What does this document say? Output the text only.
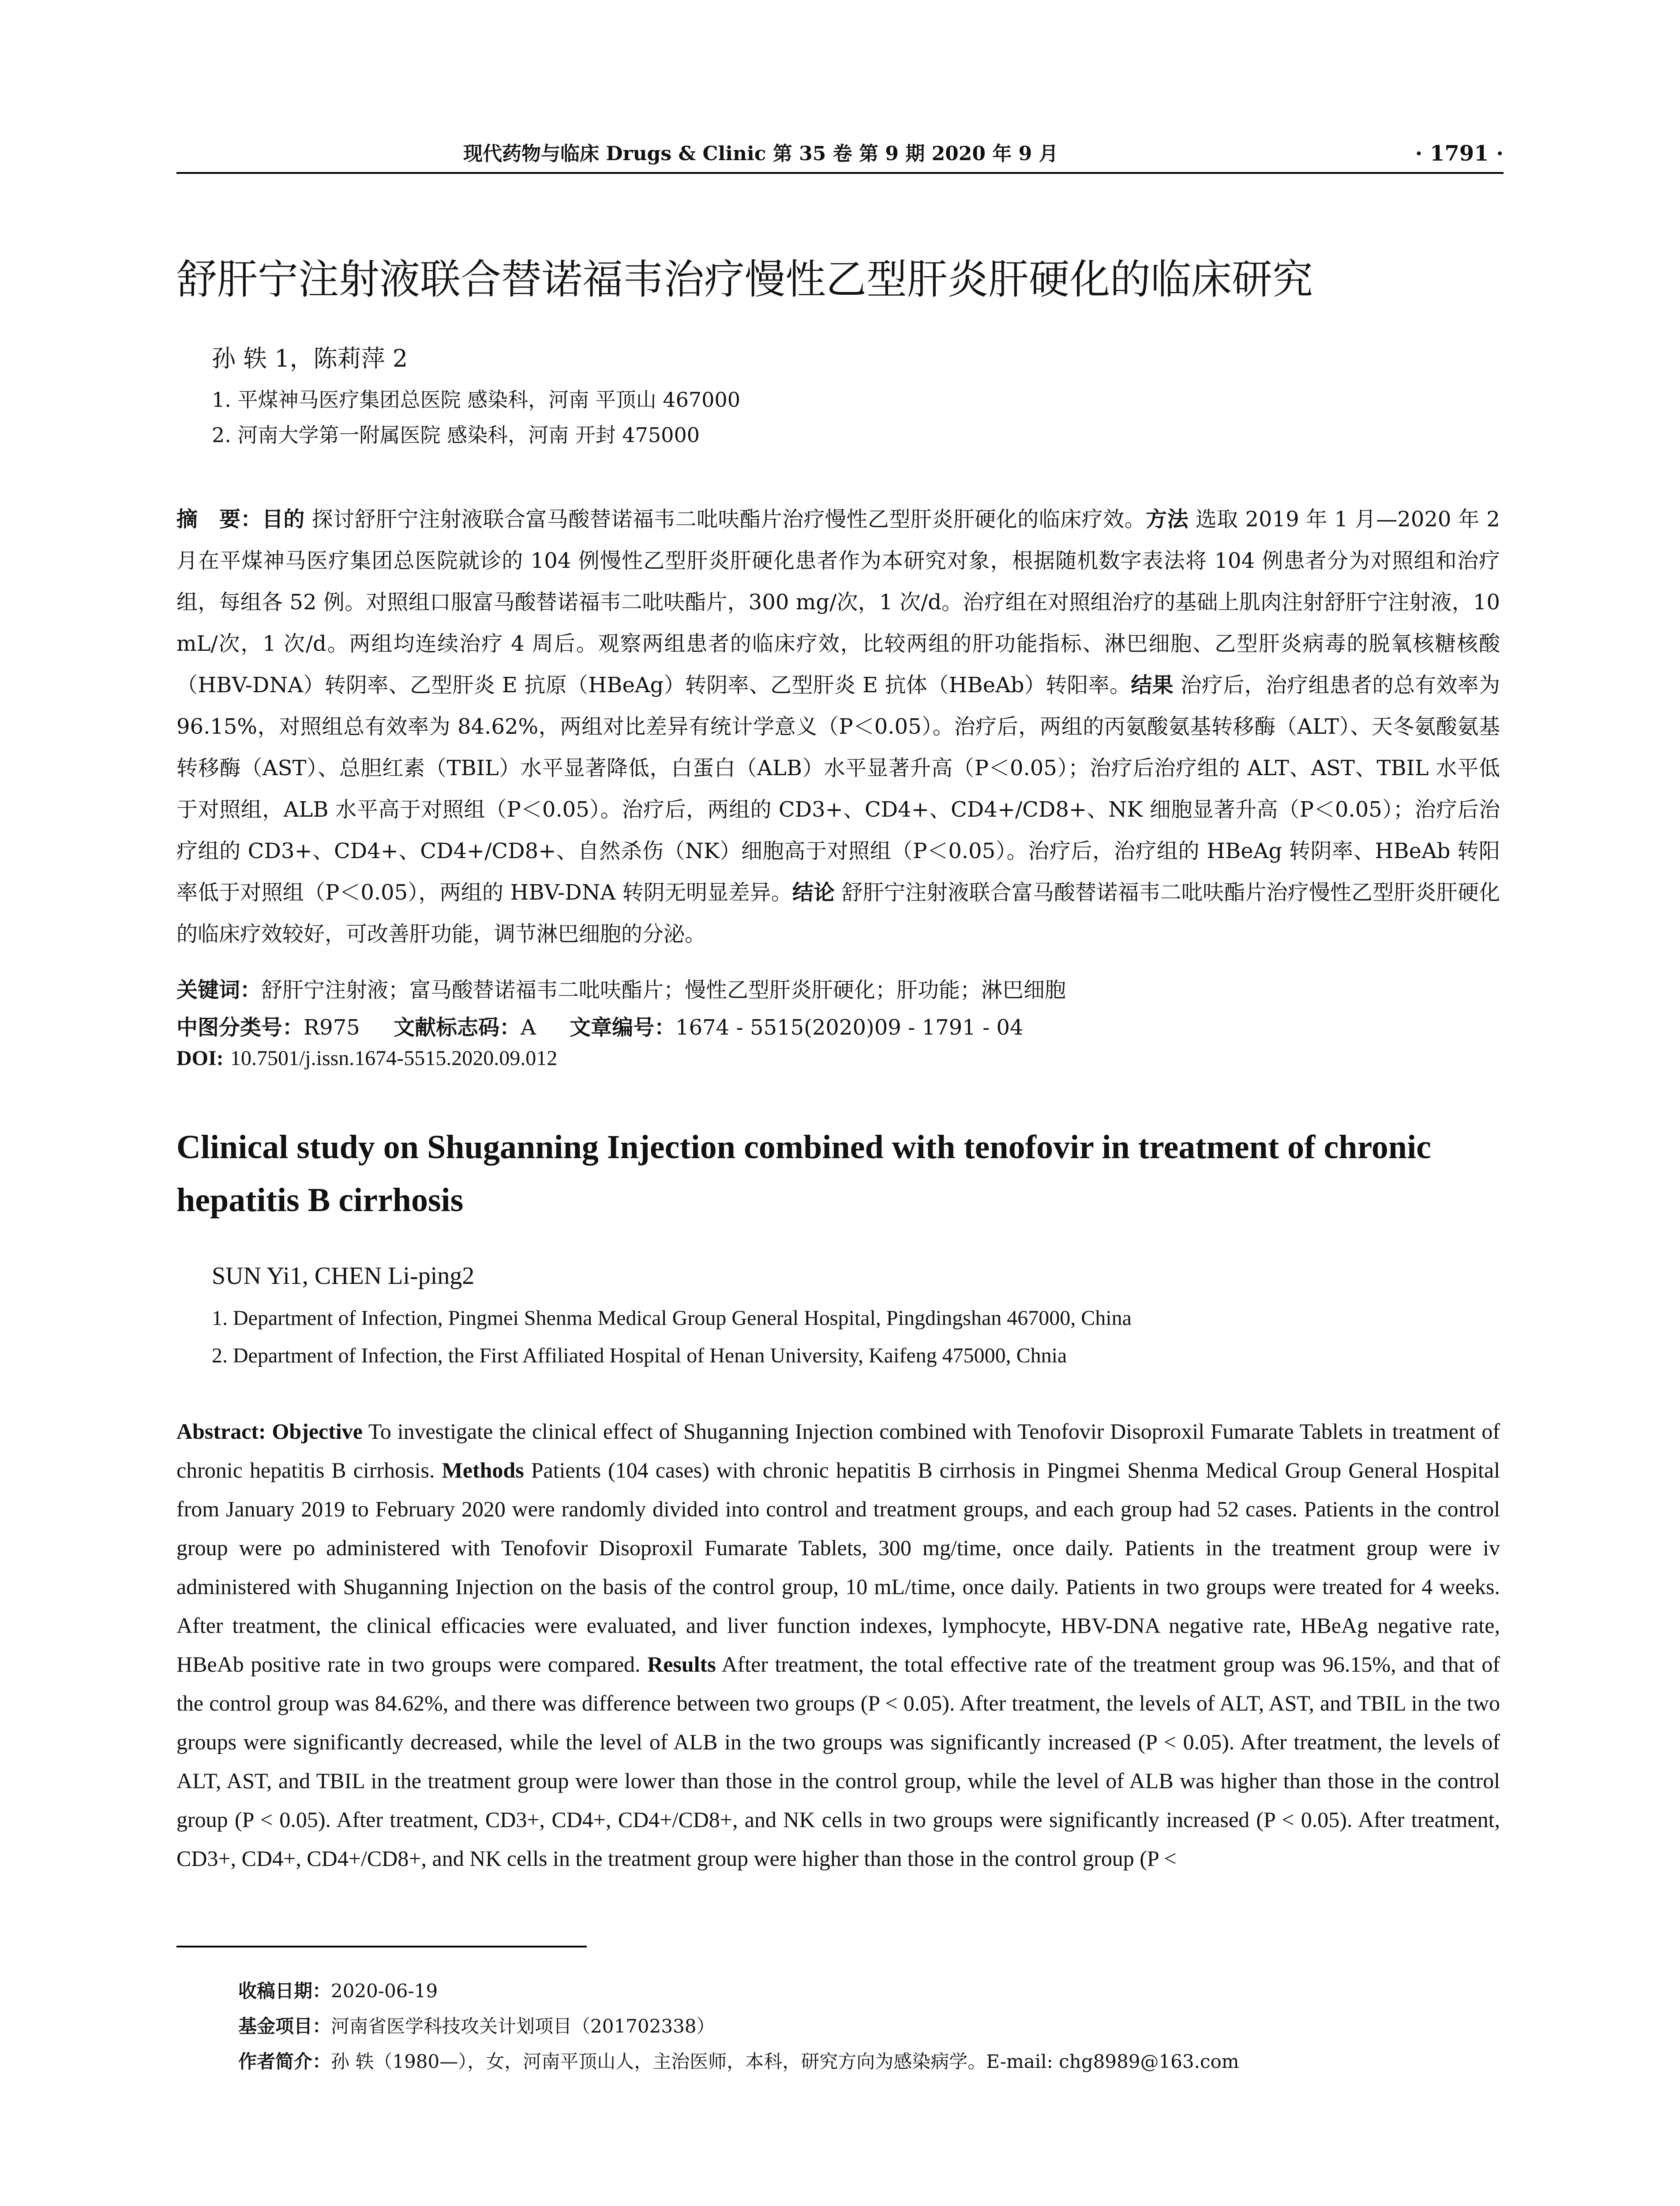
现代药物与临床 Drugs & Clinic 第 35 卷 第 9 期 2020 年 9 月	· 1791 ·
舒肝宁注射液联合替诺福韦治疗慢性乙型肝炎肝硬化的临床研究
孙 轶 1，陈莉萍 2
1. 平煤神马医疗集团总医院 感染科，河南 平顶山 467000
2. 河南大学第一附属医院 感染科，河南 开封 475000
摘　要：目的 探讨舒肝宁注射液联合富马酸替诺福韦二吡呋酯片治疗慢性乙型肝炎肝硬化的临床疗效。方法 选取 2019 年 1 月—2020 年 2 月在平煤神马医疗集团总医院就诊的 104 例慢性乙型肝炎肝硬化患者作为本研究对象，根据随机数字表法将 104 例患者分为对照组和治疗组，每组各 52 例。对照组口服富马酸替诺福韦二吡呋酯片，300 mg/次，1 次/d。治疗组在对照组治疗的基础上肌肉注射舒肝宁注射液，10 mL/次，1 次/d。两组均连续治疗 4 周后。观察两组患者的临床疗效，比较两组的肝功能指标、淋巴细胞、乙型肝炎病毒的脱氧核糖核酸（HBV-DNA）转阴率、乙型肝炎 E 抗原（HBeAg）转阴率、乙型肝炎 E 抗体（HBeAb）转阳率。结果 治疗后，治疗组患者的总有效率为 96.15%，对照组总有效率为 84.62%，两组对比差异有统计学意义（P＜0.05）。治疗后，两组的丙氨酸氨基转移酶（ALT）、天冬氨酸氨基转移酶（AST）、总胆红素（TBIL）水平显著降低，白蛋白（ALB）水平显著升高（P＜0.05）；治疗后治疗组的 ALT、AST、TBIL 水平低于对照组，ALB 水平高于对照组（P＜0.05）。治疗后，两组的 CD3+、CD4+、CD4+/CD8+、NK 细胞显著升高（P＜0.05）；治疗后治疗组的 CD3+、CD4+、CD4+/CD8+、自然杀伤（NK）细胞高于对照组（P＜0.05）。治疗后，治疗组的 HBeAg 转阴率、HBeAb 转阳率低于对照组（P＜0.05），两组的 HBV-DNA 转阴无明显差异。结论 舒肝宁注射液联合富马酸替诺福韦二吡呋酯片治疗慢性乙型肝炎肝硬化的临床疗效较好，可改善肝功能，调节淋巴细胞的分泌。
关键词：舒肝宁注射液；富马酸替诺福韦二吡呋酯片；慢性乙型肝炎肝硬化；肝功能；淋巴细胞
中图分类号：R975 文献标志码：A 文章编号：1674 - 5515(2020)09 - 1791 - 04
DOI: 10.7501/j.issn.1674-5515.2020.09.012
Clinical study on Shuganning Injection combined with tenofovir in treatment of chronic hepatitis B cirrhosis
SUN Yi1, CHEN Li-ping2
1. Department of Infection, Pingmei Shenma Medical Group General Hospital, Pingdingshan 467000, China
2. Department of Infection, the First Affiliated Hospital of Henan University, Kaifeng 475000, Chnia
Abstract: Objective To investigate the clinical effect of Shuganning Injection combined with Tenofovir Disoproxil Fumarate Tablets in treatment of chronic hepatitis B cirrhosis. Methods Patients (104 cases) with chronic hepatitis B cirrhosis in Pingmei Shenma Medical Group General Hospital from January 2019 to February 2020 were randomly divided into control and treatment groups, and each group had 52 cases. Patients in the control group were po administered with Tenofovir Disoproxil Fumarate Tablets, 300 mg/time, once daily. Patients in the treatment group were iv administered with Shuganning Injection on the basis of the control group, 10 mL/time, once daily. Patients in two groups were treated for 4 weeks. After treatment, the clinical efficacies were evaluated, and liver function indexes, lymphocyte, HBV-DNA negative rate, HBeAg negative rate, HBeAb positive rate in two groups were compared. Results After treatment, the total effective rate of the treatment group was 96.15%, and that of the control group was 84.62%, and there was difference between two groups (P < 0.05). After treatment, the levels of ALT, AST, and TBIL in the two groups were significantly decreased, while the level of ALB in the two groups was significantly increased (P < 0.05). After treatment, the levels of ALT, AST, and TBIL in the treatment group were lower than those in the control group, while the level of ALB was higher than those in the control group (P < 0.05). After treatment, CD3+, CD4+, CD4+/CD8+, and NK cells in two groups were significantly increased (P < 0.05). After treatment, CD3+, CD4+, CD4+/CD8+, and NK cells in the treatment group were higher than those in the control group (P <
收稿日期：2020-06-19
基金项目：河南省医学科技攻关计划项目（201702338）
作者简介：孙 轶（1980—），女，河南平顶山人，主治医师，本科，研究方向为感染病学。E-mail: chg8989@163.com
